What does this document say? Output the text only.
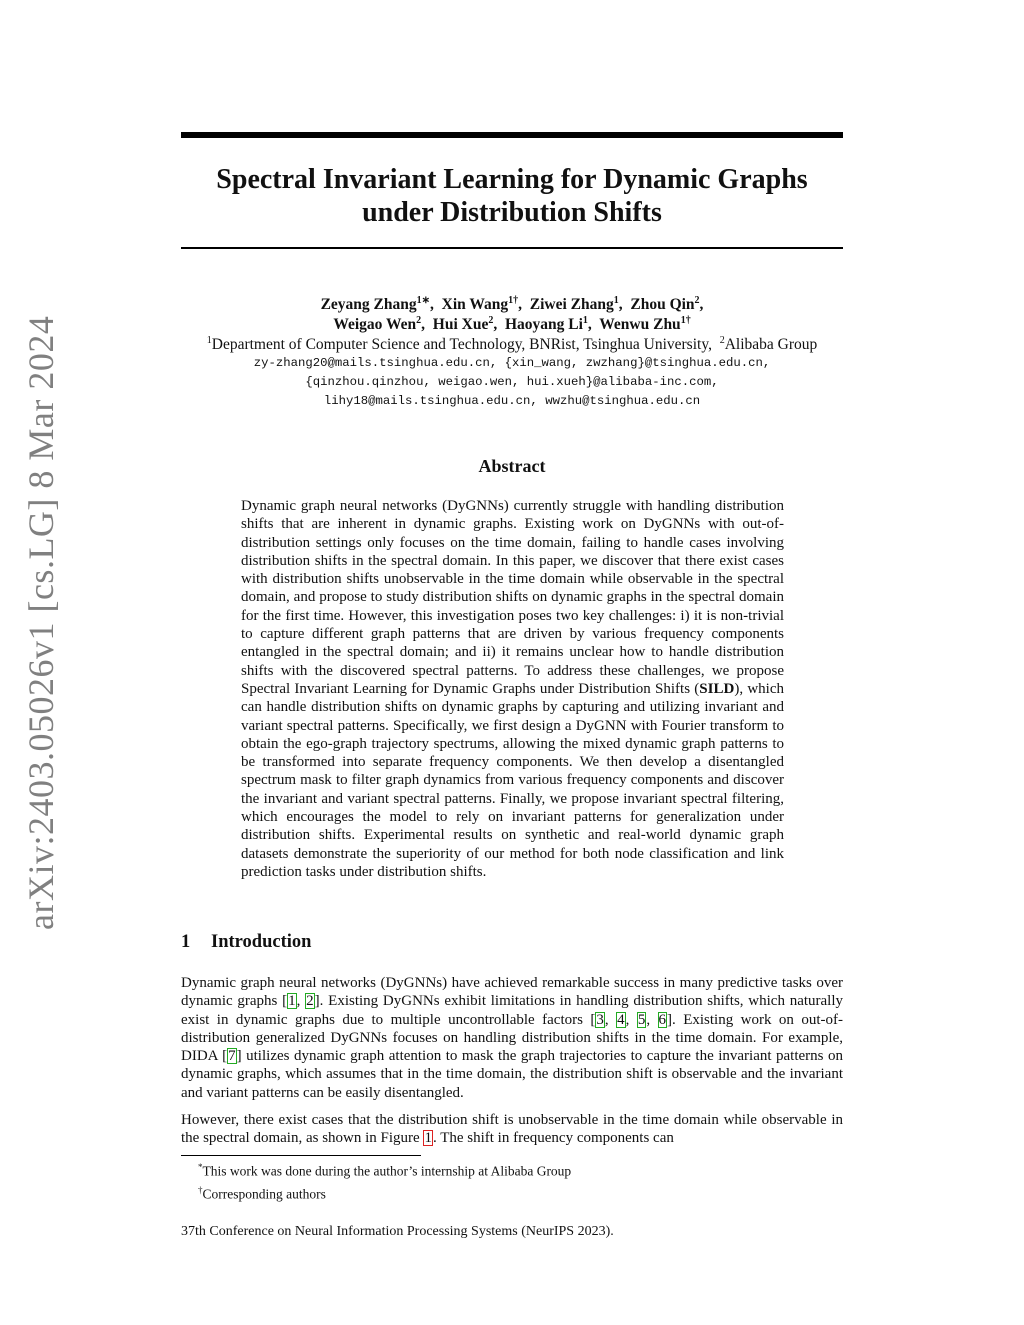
arXiv:2403.05026v1 [cs.LG] 8 Mar 2024
Spectral Invariant Learning for Dynamic Graphs
under Distribution Shifts
Zeyang Zhang$^{1∗}$,  Xin Wang$^{1\dagger}$,  Ziwei Zhang$^1$,  Zhou Qin$^2$,
Weigao Wen$^2$,  Hui Xue$^2$,  Haoyang Li$^1$,  Wenwu Zhu$^{1\dagger}$
$^1$Department of Computer Science and Technology, BNRist, Tsinghua University, $^2$Alibaba Group
zy-zhang20@mails.tsinghua.edu.cn, {xin_wang, zwzhang}@tsinghua.edu.cn,
{qinzhou.qinzhou, weigao.wen, hui.xueh}@alibaba-inc.com,
lihy18@mails.tsinghua.edu.cn, wwzhu@tsinghua.edu.cn
Abstract
Dynamic graph neural networks (DyGNNs) currently struggle with handling distribution shifts that are inherent in dynamic graphs. Existing work on DyGNNs with out-of-distribution settings only focuses on the time domain, failing to handle cases involving distribution shifts in the spectral domain. In this paper, we discover that there exist cases with distribution shifts unobservable in the time domain while observable in the spectral domain, and propose to study distribution shifts on dynamic graphs in the spectral domain for the first time. However, this investigation poses two key challenges: i) it is non-trivial to capture different graph patterns that are driven by various frequency components entangled in the spectral domain; and ii) it remains unclear how to handle distribution shifts with the discovered spectral patterns. To address these challenges, we propose Spectral Invariant Learning for Dynamic Graphs under Distribution Shifts (SILD), which can handle distribution shifts on dynamic graphs by capturing and utilizing invariant and variant spectral patterns. Specifically, we first design a DyGNN with Fourier transform to obtain the ego-graph trajectory spectrums, allowing the mixed dynamic graph patterns to be transformed into separate frequency components. We then develop a disentangled spectrum mask to filter graph dynamics from various frequency components and discover the invariant and variant spectral patterns. Finally, we propose invariant spectral filtering, which encourages the model to rely on invariant patterns for generalization under distribution shifts. Experimental results on synthetic and real-world dynamic graph datasets demonstrate the superiority of our method for both node classification and link prediction tasks under distribution shifts.
1 Introduction
Dynamic graph neural networks (DyGNNs) have achieved remarkable success in many predictive tasks over dynamic graphs [1, 2]. Existing DyGNNs exhibit limitations in handling distribution shifts, which naturally exist in dynamic graphs due to multiple uncontrollable factors [3, 4, 5, 6]. Existing work on out-of-distribution generalized DyGNNs focuses on handling distribution shifts in the time domain. For example, DIDA [7] utilizes dynamic graph attention to mask the graph trajectories to capture the invariant patterns on dynamic graphs, which assumes that in the time domain, the distribution shift is observable and the invariant and variant patterns can be easily disentangled.
However, there exist cases that the distribution shift is unobservable in the time domain while observable in the spectral domain, as shown in Figure 1. The shift in frequency components can
*This work was done during the author’s internship at Alibaba Group
†Corresponding authors
37th Conference on Neural Information Processing Systems (NeurIPS 2023).
